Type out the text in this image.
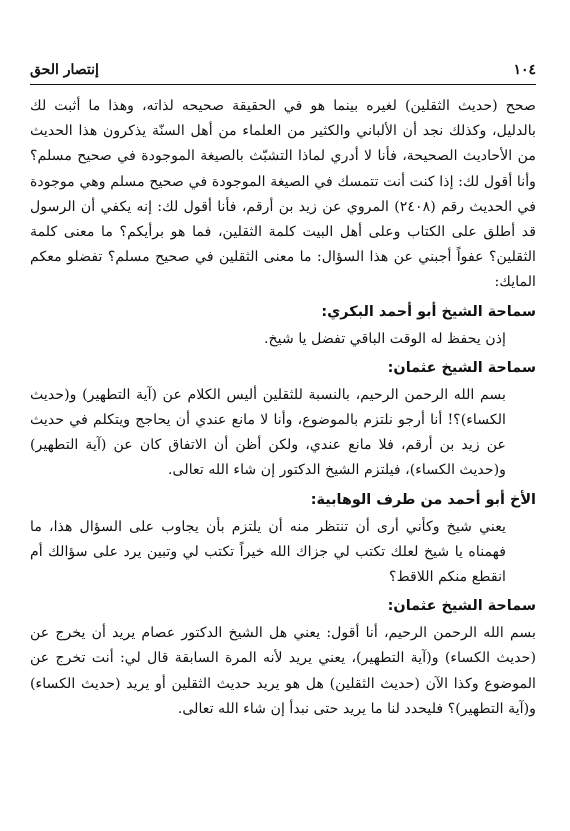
١٠٤
إنتصار الحق

صحح (حديث الثقلين) لغيره بينما هو في الحقيقة صحيحه لذاته، وهذا ما أثبت لك بالدليل، وكذلك نجد أن الألباني والكثير من العلماء من أهل السنّة يذكرون هذا الحديث من الأحاديث الصحيحة، فأنا لا أدري لماذا التشبّث بالصيغة الموجودة في صحيح مسلم؟ وأنا أقول لك: إذا كنت أنت تتمسك في الصيغة الموجودة في صحيح مسلم وهي موجودة في الحديث رقم (٢٤٠٨) المروي عن زيد بن أرقم، فأنا أقول لك: إنه يكفي أن الرسول قد أطلق على الكتاب وعلى أهل البيت كلمة الثقلين، فما هو برأيكم؟ ما معنى كلمة الثقلين؟ عفواً أجبني عن هذا السؤال: ما معنى الثقلين في صحيح مسلم؟ تفضلو معكم المايك:

سماحة الشيخ أبو أحمد البكري:

إذن يحفظ له الوقت الباقي تفضل يا شيخ.

سماحة الشيخ عثمان:

بسم الله الرحمن الرحيم، بالنسبة للثقلين أليس الكلام عن (آية التطهير) و(حديث الكساء)؟! أنا أرجو نلتزم بالموضوع، وأنا لا مانع عندي أن يحاجج ويتكلم في حديث عن زيد بن أرقم، فلا مانع عندي، ولكن أظن أن الاتفاق كان عن (آية التطهير) و(حديث الكساء)، فيلتزم الشيخ الدكتور إن شاء الله تعالى.

الأخ أبو أحمد من طرف الوهابية:

يعني شيخ وكأني أرى أن تنتظر منه أن يلتزم بأن يجاوب على السؤال هذا، ما فهمناه يا شيخ لعلك تكتب لي جزاك الله خيراً تكتب لي وتبين يرد على سؤالك أم انقطع منكم اللاقط؟

سماحة الشيخ عثمان:

بسم الله الرحمن الرحيم، أنا أقول: يعني هل الشيخ الدكتور عصام يريد أن يخرج عن (حديث الكساء) و(آية التطهير)، يعني يريد لأنه المرة السابقة قال لي: أنت تخرج عن الموضوع وكذا الآن (حديث الثقلين) هل هو يريد حديث الثقلين أو يريد (حديث الكساء) و(آية التطهير)؟ فليحدد لنا ما يريد حتى نبدأ إن شاء الله تعالى.
